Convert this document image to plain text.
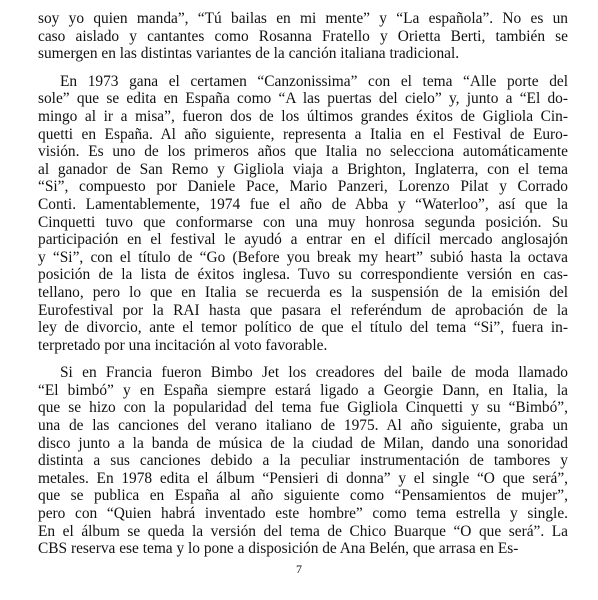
soy yo quien manda”, “Tú bailas en mi mente” y “La española”. No es un
caso aislado y cantantes como Rosanna Fratello y Orietta Berti, también se
sumergen en las distintas variantes de la canción italiana tradicional.
En 1973 gana el certamen “Canzonissima” con el tema “Alle porte del
sole” que se edita en España como “A las puertas del cielo” y, junto a “El do-
mingo al ir a misa”, fueron dos de los últimos grandes éxitos de Gigliola Cin-
quetti en España. Al año siguiente, representa a Italia en el Festival de Euro-
visión. Es uno de los primeros años que Italia no selecciona automáticamente
al ganador de San Remo y Gigliola viaja a Brighton, Inglaterra, con el tema
“Si”, compuesto por Daniele Pace, Mario Panzeri, Lorenzo Pilat y Corrado
Conti. Lamentablemente, 1974 fue el año de Abba y “Waterloo”, así que la
Cinquetti tuvo que conformarse con una muy honrosa segunda posición. Su
participación en el festival le ayudó a entrar en el difícil mercado anglosajón
y “Si”, con el título de “Go (Before you break my heart” subió hasta la octava
posición de la lista de éxitos inglesa. Tuvo su correspondiente versión en cas-
tellano, pero lo que en Italia se recuerda es la suspensión de la emisión del
Eurofestival por la RAI hasta que pasara el referéndum de aprobación de la
ley de divorcio, ante el temor político de que el título del tema “Si”, fuera in-
terpretado por una incitación al voto favorable.
Si en Francia fueron Bimbo Jet los creadores del baile de moda llamado
“El bimbó” y en España siempre estará ligado a Georgie Dann, en Italia, la
que se hizo con la popularidad del tema fue Gigliola Cinquetti y su “Bimbó”,
una de las canciones del verano italiano de 1975. Al año siguiente, graba un
disco junto a la banda de música de la ciudad de Milan, dando una sonoridad
distinta a sus canciones debido a la peculiar instrumentación de tambores y
metales. En 1978 edita el álbum “Pensieri di donna” y el single “O que será”,
que se publica en España al año siguiente como “Pensamientos de mujer”,
pero con “Quien habrá inventado este hombre” como tema estrella y single.
En el álbum se queda la versión del tema de Chico Buarque “O que será”. La
CBS reserva ese tema y lo pone a disposición de Ana Belén, que arrasa en Es-
7
